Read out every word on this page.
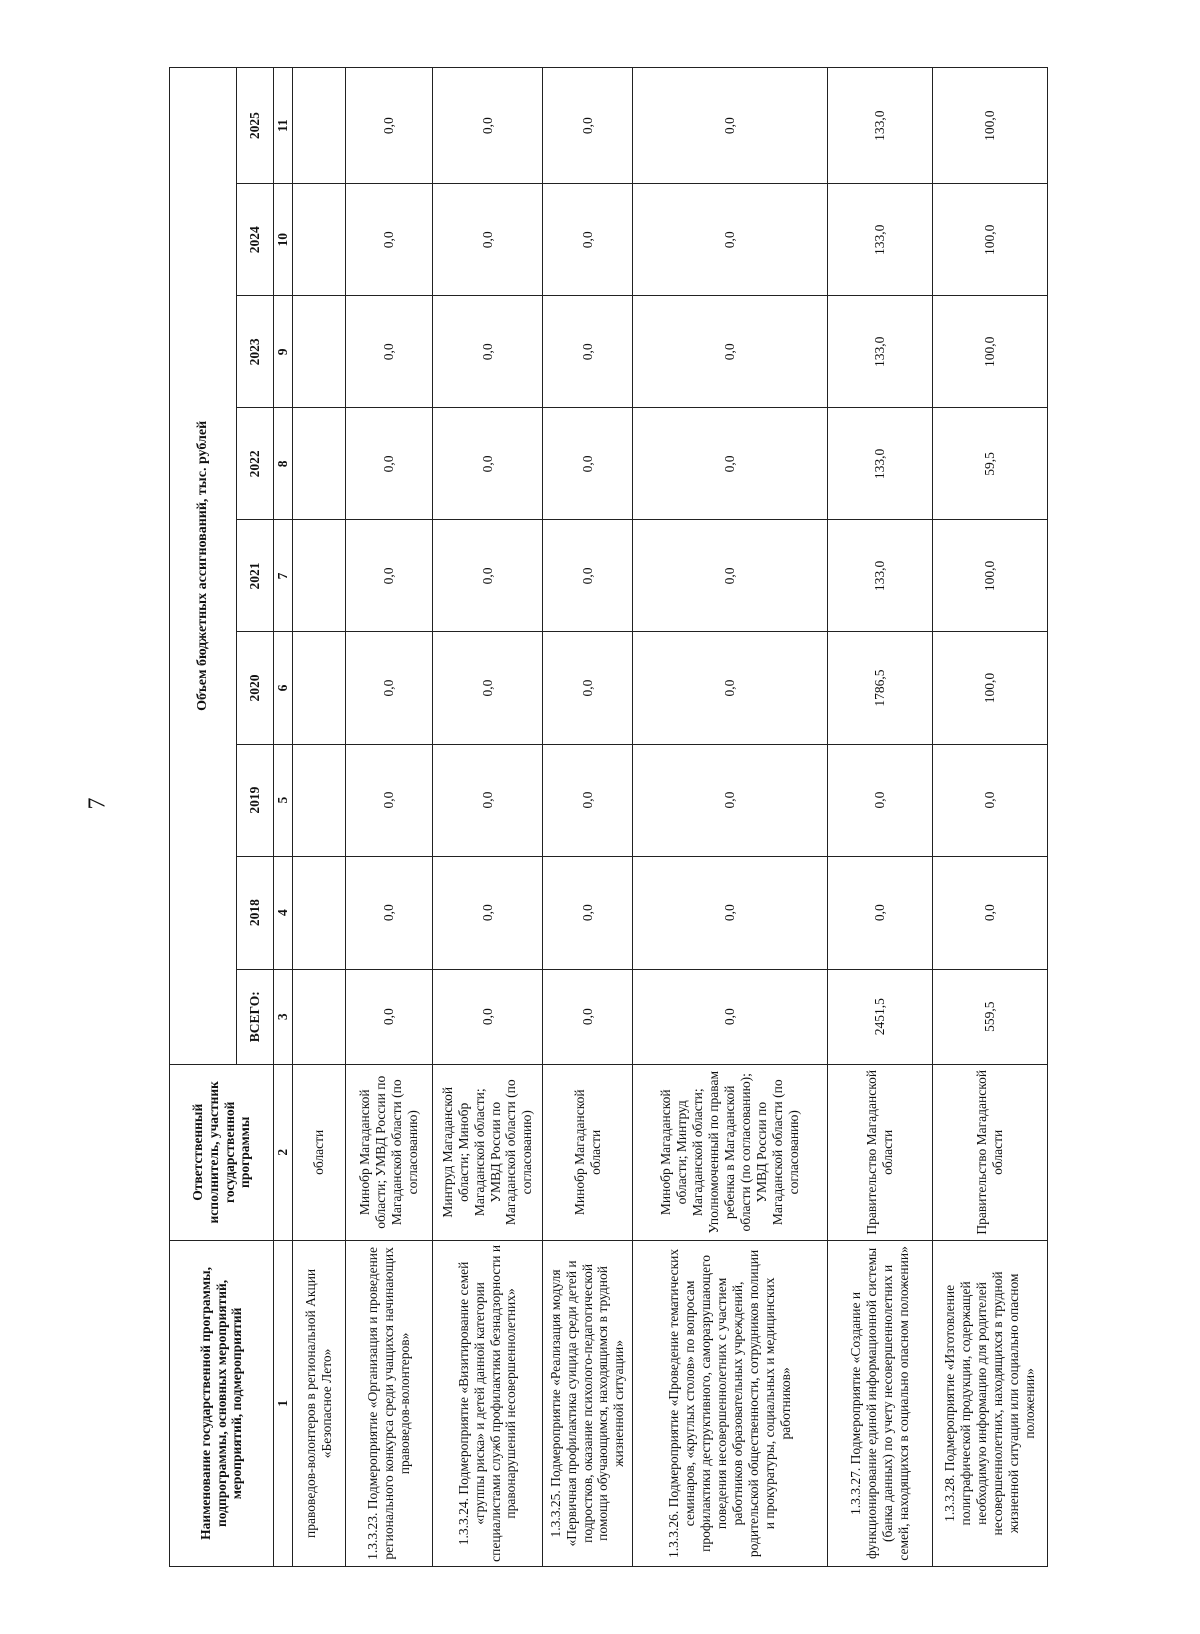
7
Наименование государственной программы, подпрограммы, основных мероприятий, мероприятий, подмероприятий	Ответственный исполнитель, участник государственной программы	Объем бюджетных ассигнований, тыс. рублей								
		ВСЕГО:	2018	2019	2020	2021	2022	2023	2024	2025
1	2	3	4	5	6	7	8	9	10	11
правоведов-волонтеров в региональной Акции «Безопасное Лето»	области									
1.3.3.23. Подмероприятие «Организация и проведение регионального конкурса среди учащихся начинающих правоведов-волонтеров»	Минобр Магаданской области; УМВД России по Магаданской области (по согласованию)	0,0	0,0	0,0	0,0	0,0	0,0	0,0	0,0	0,0
1.3.3.24. Подмероприятие «Визитирование семей «группы риска» и детей данной категории специалистами служб профилактики безнадзорности и правонарушений несовершеннолетних»	Минтруд Магаданской области; Минобр Магаданской области; УМВД России по Магаданской области (по согласованию)	0,0	0,0	0,0	0,0	0,0	0,0	0,0	0,0	0,0
1.3.3.25. Подмероприятие «Реализация модуля «Первичная профилактика суицида среди детей и подростков, оказание психолого-педагогической помощи обучающимся, находящимся в трудной жизненной ситуации»	Минобр Магаданской области	0,0	0,0	0,0	0,0	0,0	0,0	0,0	0,0	0,0
1.3.3.26. Подмероприятие «Проведение тематических семинаров, «круглых столов» по вопросам профилактики деструктивного, саморазрушающего поведения несовершеннолетних с участием работников образовательных учреждений, родительской общественности, сотрудников полиции и прокуратуры, социальных и медицинских работников»	Минобр Магаданской области; Минтруд Магаданской области; Уполномоченный по правам ребенка в Магаданской области (по согласованию); УМВД России по Магаданской области (по согласованию)	0,0	0,0	0,0	0,0	0,0	0,0	0,0	0,0	0,0
1.3.3.27. Подмероприятие «Создание и функционирование единой информационной системы (банка данных) по учету несовершеннолетних и семей, находящихся в социально опасном положении»	Правительство Магаданской области	2451,5	0,0	0,0	1786,5	133,0	133,0	133,0	133,0	133,0
1.3.3.28. Подмероприятие «Изготовление полиграфической продукции, содержащей необходимую информацию для родителей несовершеннолетних, находящихся в трудной жизненной ситуации или социально опасном положении»	Правительство Магаданской области	559,5	0,0	0,0	100,0	100,0	59,5	100,0	100,0	100,0
